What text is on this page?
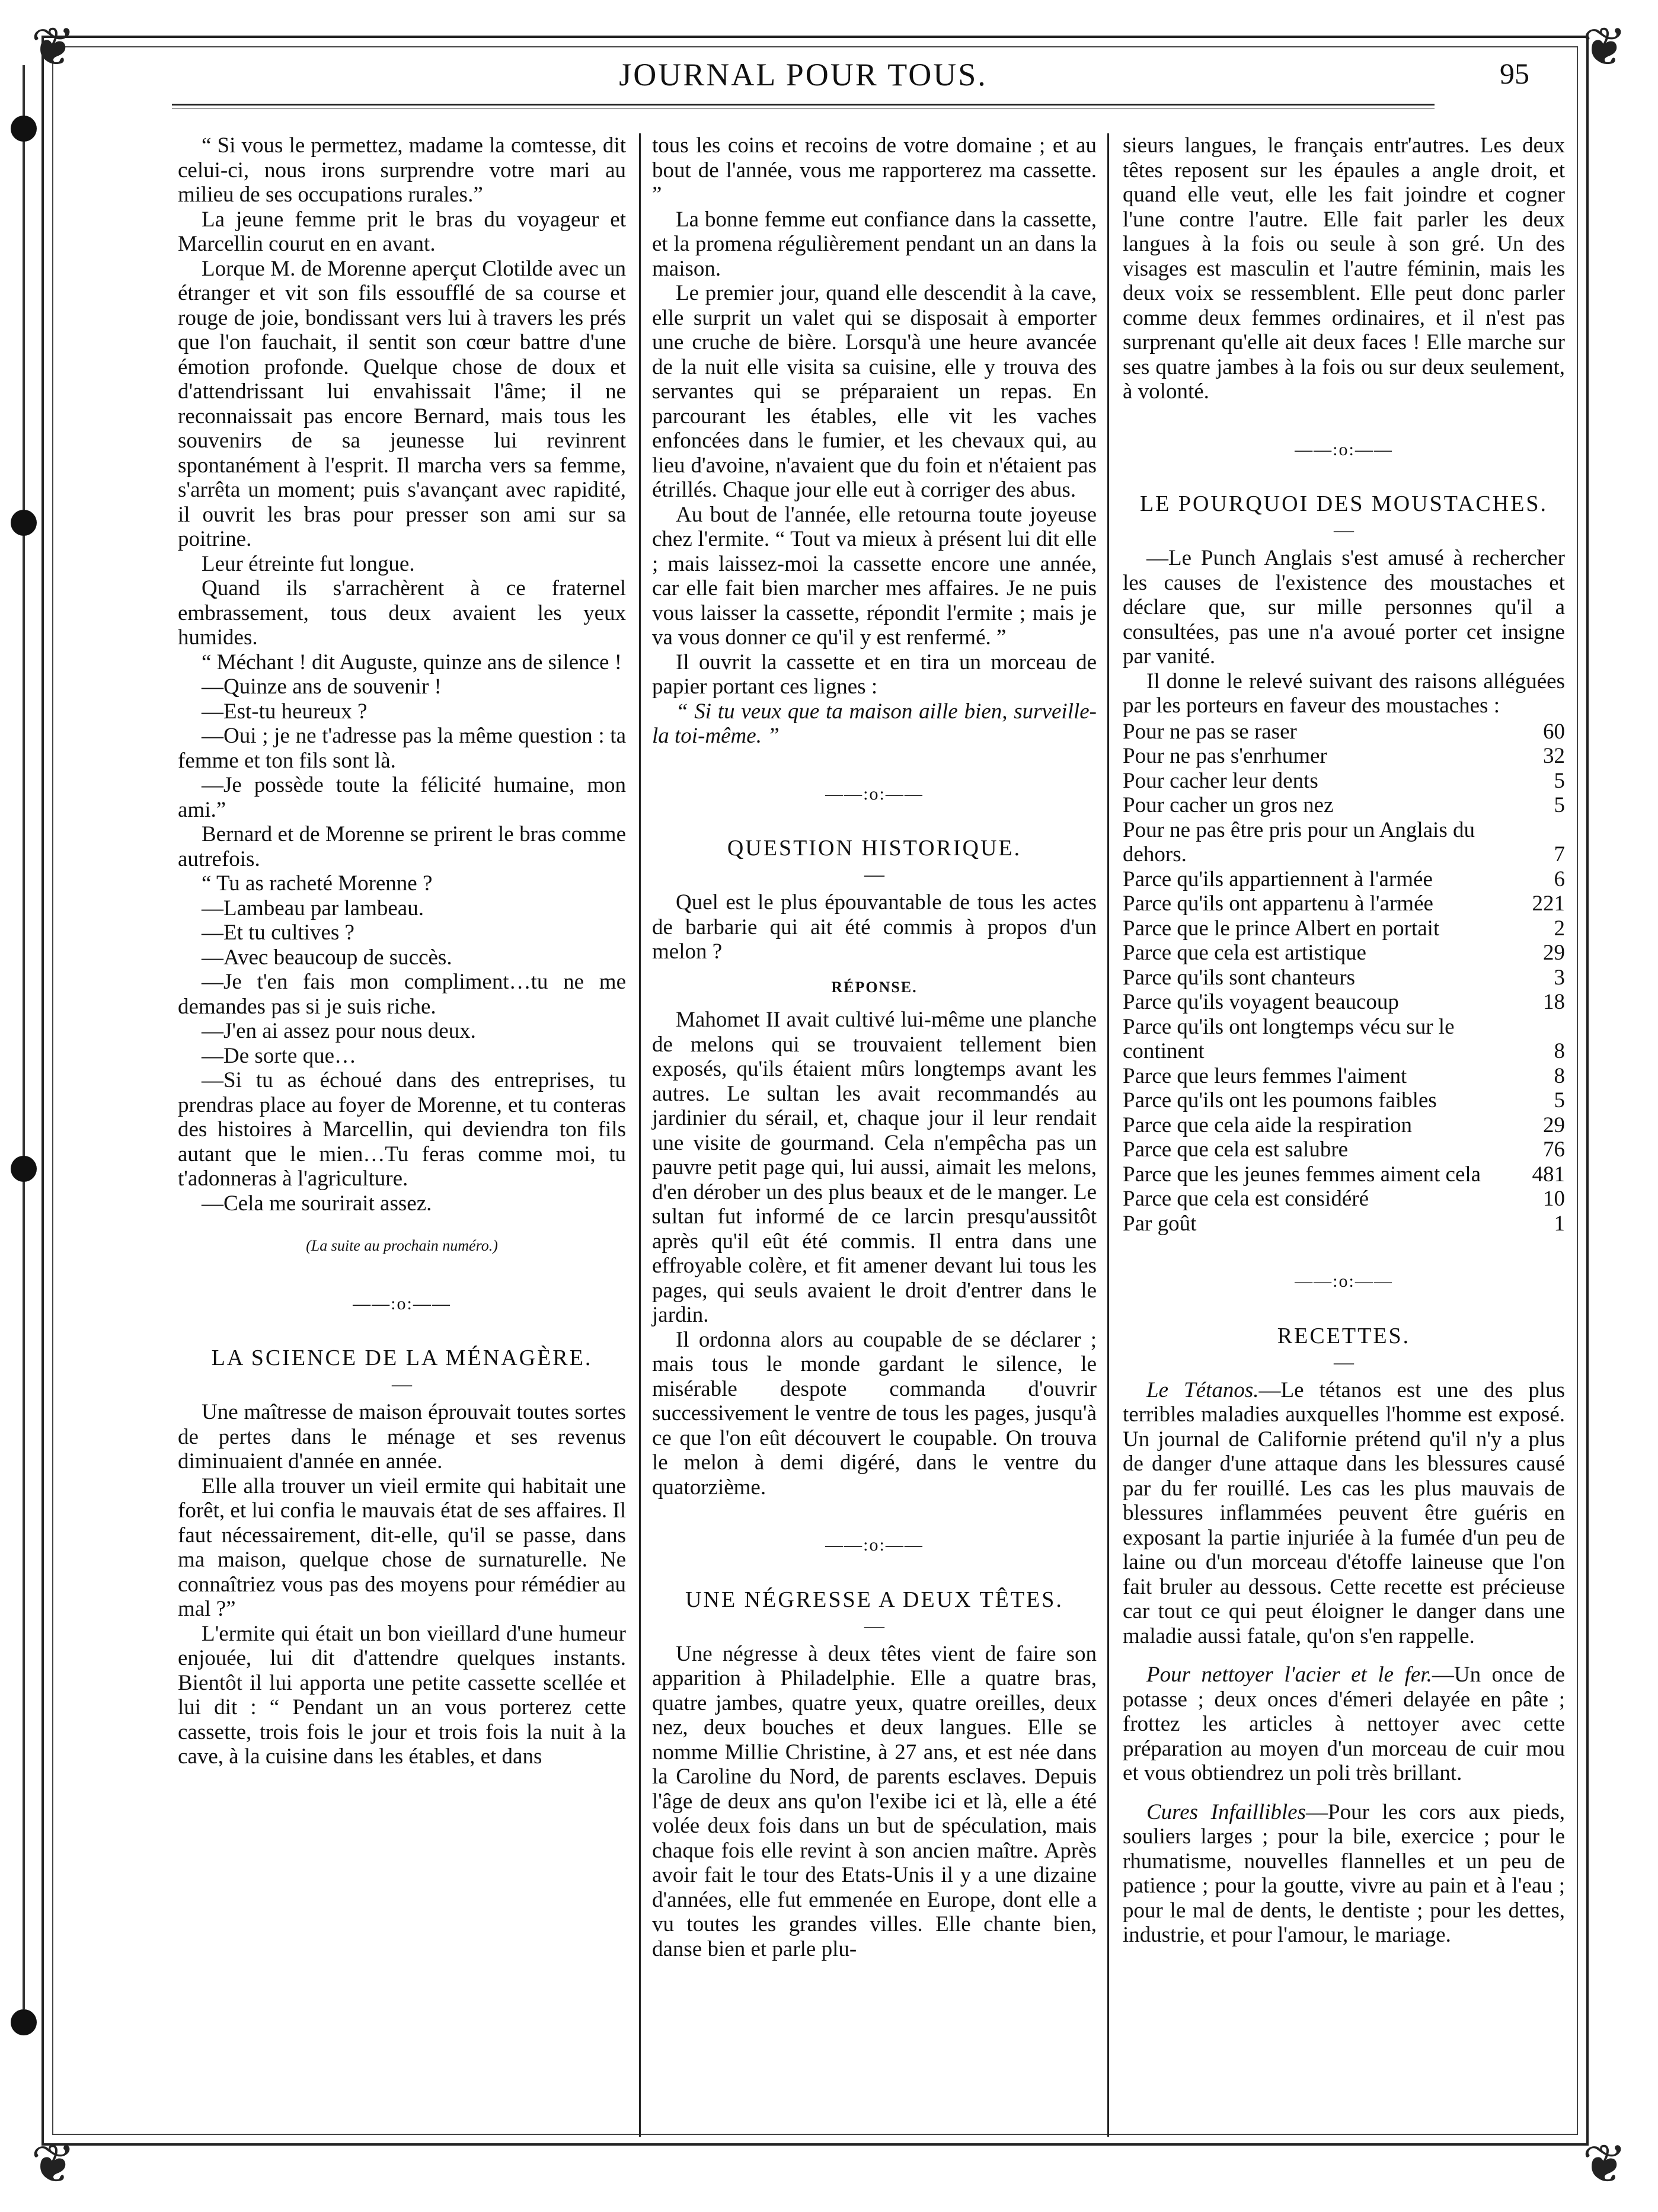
❦	❦
❦	❦
JOURNAL POUR TOUS.	95

“ Si vous le permettez, madame la comtesse, dit celui-ci, nous irons surprendre votre mari au milieu de ses occupations rurales.”

La jeune femme prit le bras du voyageur et Marcellin courut en en avant.

Lorque M. de Morenne aperçut Clotilde avec un étranger et vit son fils essoufflé de sa course et rouge de joie, bondissant vers lui à travers les prés que l'on fauchait, il sentit son cœur battre d'une émotion profonde. Quelque chose de doux et d'attendrissant lui envahissait l'âme; il ne reconnaissait pas encore Bernard, mais tous les souvenirs de sa jeunesse lui revinrent spontanément à l'esprit. Il marcha vers sa femme, s'arrêta un moment; puis s'avançant avec rapidité, il ouvrit les bras pour presser son ami sur sa poitrine.

Leur étreinte fut longue.

Quand ils s'arrachèrent à ce fraternel embrassement, tous deux avaient les yeux humides.

“ Méchant ! dit Auguste, quinze ans de silence !

—Quinze ans de souvenir !

—Est-tu heureux ?

—Oui ; je ne t'adresse pas la même question : ta femme et ton fils sont là.

—Je possède toute la félicité humaine, mon ami.”

Bernard et de Morenne se prirent le bras comme autrefois.

“ Tu as racheté Morenne ?

—Lambeau par lambeau.

—Et tu cultives ?

—Avec beaucoup de succès.

—Je t'en fais mon compliment…tu ne me demandes pas si je suis riche.

—J'en ai assez pour nous deux.

—De sorte que…

—Si tu as échoué dans des entreprises, tu prendras place au foyer de Morenne, et tu conteras des histoires à Marcellin, qui deviendra ton fils autant que le mien…Tu feras comme moi, tu t'adonneras à l'agriculture.

—Cela me sourirait assez.

(La suite au prochain numéro.)

——:o:——

LA SCIENCE DE LA MÉNAGÈRE.

—

Une maîtresse de maison éprouvait toutes sortes de pertes dans le ménage et ses revenus diminuaient d'année en année.

Elle alla trouver un vieil ermite qui habitait une forêt, et lui confia le mauvais état de ses affaires. Il faut nécessairement, dit-elle, qu'il se passe, dans ma maison, quelque chose de surnaturelle. Ne connaîtriez vous pas des moyens pour rémédier au mal ?”

L'ermite qui était un bon vieillard d'une humeur enjouée, lui dit d'attendre quelques instants. Bientôt il lui apporta une petite cassette scellée et lui dit : “ Pendant un an vous porterez cette cassette, trois fois le jour et trois fois la nuit à la cave, à la cuisine dans les étables, et dans

tous les coins et recoins de votre domaine ; et au bout de l'année, vous me rapporterez ma cassette. ”

La bonne femme eut confiance dans la cassette, et la promena régulièrement pendant un an dans la maison.

Le premier jour, quand elle descendit à la cave, elle surprit un valet qui se disposait à emporter une cruche de bière. Lorsqu'à une heure avancée de la nuit elle visita sa cuisine, elle y trouva des servantes qui se préparaient un repas. En parcourant les étables, elle vit les vaches enfoncées dans le fumier, et les chevaux qui, au lieu d'avoine, n'avaient que du foin et n'étaient pas étrillés. Chaque jour elle eut à corriger des abus.

Au bout de l'année, elle retourna toute joyeuse chez l'ermite. “ Tout va mieux à présent lui dit elle ; mais laissez-moi la cassette encore une année, car elle fait bien marcher mes affaires. Je ne puis vous laisser la cassette, répondit l'ermite ; mais je va vous donner ce qu'il y est renfermé. ”

Il ouvrit la cassette et en tira un morceau de papier portant ces lignes :

“ Si tu veux que ta maison aille bien, surveille-la toi-même. ”

——:o:——

QUESTION HISTORIQUE.

—

Quel est le plus épouvantable de tous les actes de barbarie qui ait été commis à propos d'un melon ?

RÉPONSE.

Mahomet II avait cultivé lui-même une planche de melons qui se trouvaient tellement bien exposés, qu'ils étaient mûrs longtemps avant les autres. Le sultan les avait recommandés au jardinier du sérail, et, chaque jour il leur rendait une visite de gourmand. Cela n'empêcha pas un pauvre petit page qui, lui aussi, aimait les melons, d'en dérober un des plus beaux et de le manger. Le sultan fut informé de ce larcin presqu'aussitôt après qu'il eût été commis. Il entra dans une effroyable colère, et fit amener devant lui tous les pages, qui seuls avaient le droit d'entrer dans le jardin.

Il ordonna alors au coupable de se déclarer ; mais tous le monde gardant le silence, le misérable despote commanda d'ouvrir successivement le ventre de tous les pages, jusqu'à ce que l'on eût découvert le coupable. On trouva le melon à demi digéré, dans le ventre du quatorzième.

——:o:——

UNE NÉGRESSE A DEUX TÊTES.

—

Une négresse à deux têtes vient de faire son apparition à Philadelphie. Elle a quatre bras, quatre jambes, quatre yeux, quatre oreilles, deux nez, deux bouches et deux langues. Elle se nomme Millie Christine, à 27 ans, et est née dans la Caroline du Nord, de parents esclaves. Depuis l'âge de deux ans qu'on l'exibe ici et là, elle a été volée deux fois dans un but de spéculation, mais chaque fois elle revint à son ancien maître. Après avoir fait le tour des Etats-Unis il y a une dizaine d'années, elle fut emmenée en Europe, dont elle a vu toutes les grandes villes. Elle chante bien, danse bien et parle plu-

sieurs langues, le français entr'autres. Les deux têtes reposent sur les épaules a angle droit, et quand elle veut, elle les fait joindre et cogner l'une contre l'autre. Elle fait parler les deux langues à la fois ou seule à son gré. Un des visages est masculin et l'autre féminin, mais les deux voix se ressemblent. Elle peut donc parler comme deux femmes ordinaires, et il n'est pas surprenant qu'elle ait deux faces ! Elle marche sur ses quatre jambes à la fois ou sur deux seulement, à volonté.

——:o:——

LE POURQUOI DES MOUSTACHES.

—

—Le Punch Anglais s'est amusé à rechercher les causes de l'existence des moustaches et déclare que, sur mille personnes qu'il a consultées, pas une n'a avoué porter cet insigne par vanité.

Il donne le relevé suivant des raisons alléguées par les porteurs en faveur des moustaches :

Pour ne pas se raser	60
Pour ne pas s'enrhumer	32
Pour cacher leur dents	5
Pour cacher un gros nez	5
Pour ne pas être pris pour un Anglais du dehors.	7
Parce qu'ils appartiennent à l'armée	6
Parce qu'ils ont appartenu à l'armée	221
Parce que le prince Albert en portait	2
Parce que cela est artistique	29
Parce qu'ils sont chanteurs	3
Parce qu'ils voyagent beaucoup	18
Parce qu'ils ont longtemps vécu sur le continent	8
Parce que leurs femmes l'aiment	8
Parce qu'ils ont les poumons faibles	5
Parce que cela aide la respiration	29
Parce que cela est salubre	76
Parce que les jeunes femmes aiment cela	481
Parce que cela est considéré	10
Par goût	1

——:o:——

RECETTES.

—

Le Tétanos.—Le tétanos est une des plus terribles maladies auxquelles l'homme est exposé. Un journal de Californie prétend qu'il n'y a plus de danger d'une attaque dans les blessures causé par du fer rouillé. Les cas les plus mauvais de blessures inflammées peuvent être guéris en exposant la partie injuriée à la fumée d'un peu de laine ou d'un morceau d'étoffe laineuse que l'on fait bruler au dessous. Cette recette est précieuse car tout ce qui peut éloigner le danger dans une maladie aussi fatale, qu'on s'en rappelle.

Pour nettoyer l'acier et le fer.—Un once de potasse ; deux onces d'émeri delayée en pâte ; frottez les articles à nettoyer avec cette préparation au moyen d'un morceau de cuir mou et vous obtiendrez un poli très brillant.

Cures Infaillibles—Pour les cors aux pieds, souliers larges ; pour la bile, exercice ; pour le rhumatisme, nouvelles flannelles et un peu de patience ; pour la goutte, vivre au pain et à l'eau ; pour le mal de dents, le dentiste ; pour les dettes, industrie, et pour l'amour, le mariage.
